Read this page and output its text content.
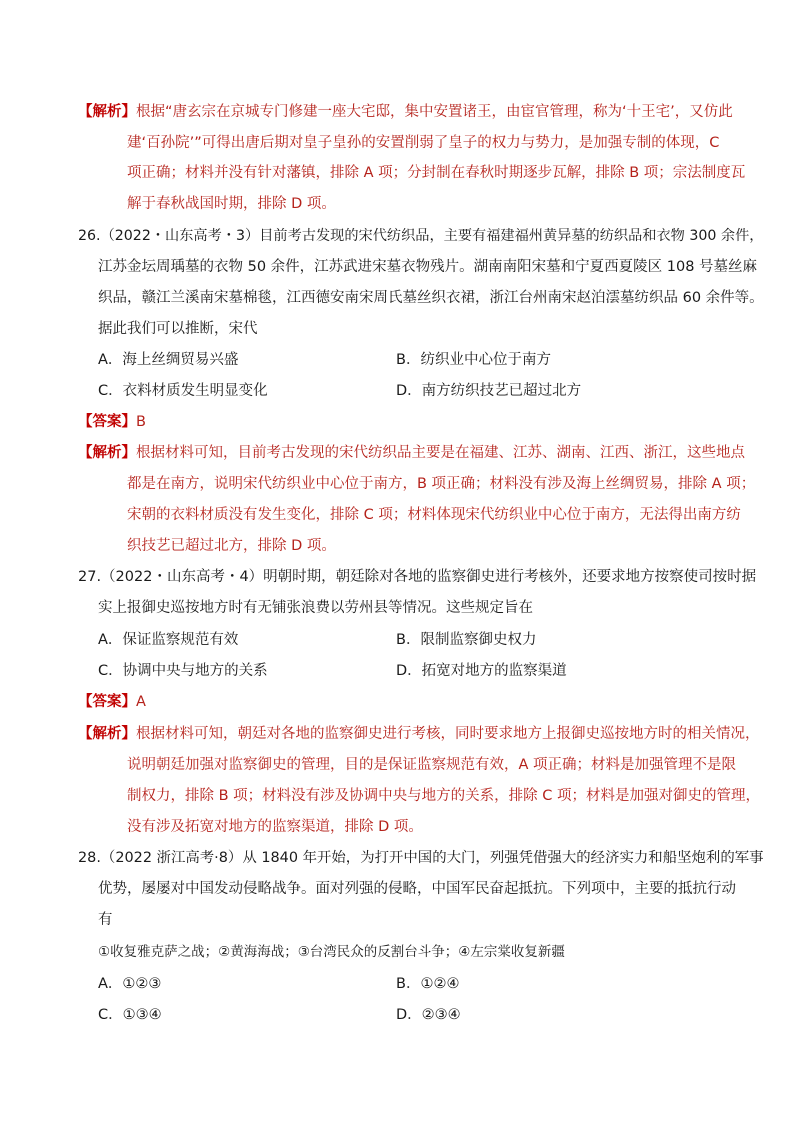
【解析】根据“唐玄宗在京城专门修建一座大宅邸，集中安置诸王，由宦官管理，称为‘十王宅’，又仿此
建‘百孙院’”可得出唐后期对皇子皇孙的安置削弱了皇子的权力与势力，是加强专制的体现，C
项正确；材料并没有针对藩镇，排除 A 项；分封制在春秋时期逐步瓦解，排除 B 项；宗法制度瓦
解于春秋战国时期，排除 D 项。
26.（2022・山东高考・3）目前考古发现的宋代纺织品，主要有福建福州黄异墓的纺织品和衣物 300 余件，
江苏金坛周瑀墓的衣物 50 余件，江苏武进宋墓衣物残片。湖南南阳宋墓和宁夏西夏陵区 108 号墓丝麻
织品，赣江兰溪南宋墓棉毯，江西德安南宋周氏墓丝织衣裙，浙江台州南宋赵泊澐墓纺织品 60 余件等。
据此我们可以推断，宋代
A．海上丝绸贸易兴盛	B．纺织业中心位于南方
C．衣料材质发生明显变化	D．南方纺织技艺已超过北方
【答案】B
【解析】根据材料可知，目前考古发现的宋代纺织品主要是在福建、江苏、湖南、江西、浙江，这些地点
都是在南方，说明宋代纺织业中心位于南方，B 项正确；材料没有涉及海上丝绸贸易，排除 A 项；
宋朝的衣料材质没有发生变化，排除 C 项；材料体现宋代纺织业中心位于南方，无法得出南方纺
织技艺已超过北方，排除 D 项。
27.（2022・山东高考・4）明朝时期，朝廷除对各地的监察御史进行考核外，还要求地方按察使司按时据
实上报御史巡按地方时有无铺张浪费以劳州县等情况。这些规定旨在
A．保证监察规范有效	B．限制监察御史权力
C．协调中央与地方的关系	D．拓宽对地方的监察渠道
【答案】A
【解析】根据材料可知，朝廷对各地的监察御史进行考核，同时要求地方上报御史巡按地方时的相关情况，
说明朝廷加强对监察御史的管理，目的是保证监察规范有效，A 项正确；材料是加强管理不是限
制权力，排除 B 项；材料没有涉及协调中央与地方的关系，排除 C 项；材料是加强对御史的管理，
没有涉及拓宽对地方的监察渠道，排除 D 项。
28.（2022 浙江高考·8）从 1840 年开始，为打开中国的大门，列强凭借强大的经济实力和船坚炮利的军事
优势，屡屡对中国发动侵略战争。面对列强的侵略，中国军民奋起抵抗。下列项中，主要的抵抗行动
有
①收复雅克萨之战；②黄海海战；③台湾民众的反割台斗争；④左宗棠收复新疆
A．①②③	B．①②④
C．①③④	D．②③④
